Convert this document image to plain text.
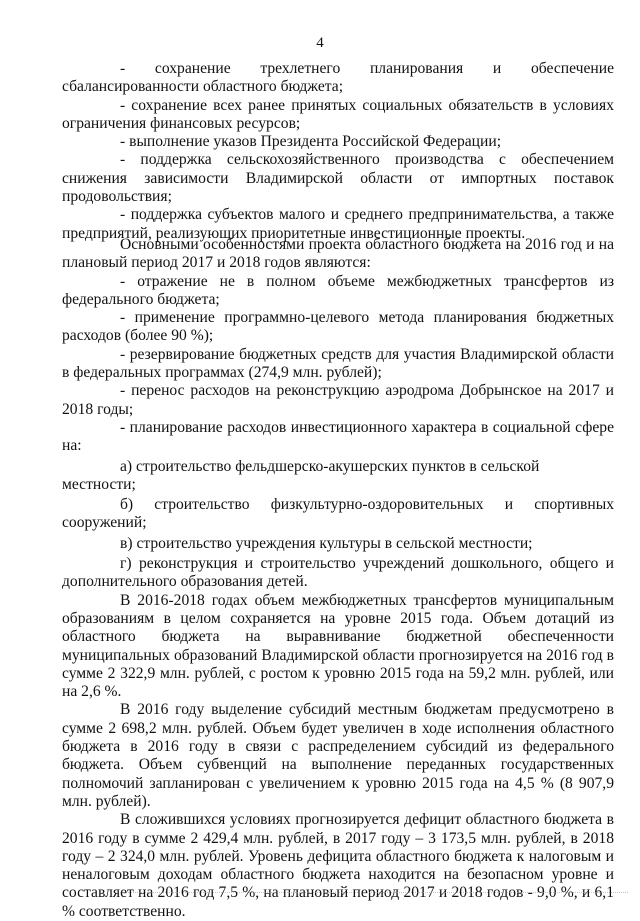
4

- сохранение трехлетнего планирования и обеспечение сбалансированности областного бюджета;

- сохранение всех ранее принятых социальных обязательств в условиях ограничения финансовых ресурсов;

- выполнение указов Президента Российской Федерации;

- поддержка сельскохозяйственного производства с обеспечением снижения зависимости Владимирской области от импортных поставок продовольствия;

- поддержка субъектов малого и среднего предпринимательства, а также предприятий, реализующих приоритетные инвестиционные проекты.

Основными особенностями проекта областного бюджета на 2016 год и на плановый период 2017 и 2018 годов являются:

- отражение не в полном объеме межбюджетных трансфертов из федерального бюджета;

- применение программно-целевого метода планирования бюджетных расходов (более 90 %);

- резервирование бюджетных средств для участия Владимирской области в федеральных программах (274,9 млн. рублей);

- перенос расходов на реконструкцию аэродрома Добрынское на 2017 и 2018 годы;

- планирование расходов инвестиционного характера в социальной сфере на:

а) строительство фельдшерско-акушерских пунктов в сельской местности;

б) строительство физкультурно-оздоровительных и спортивных сооружений;

в) строительство учреждения культуры в сельской местности;

г) реконструкция и строительство учреждений дошкольного, общего и дополнительного образования детей.

В 2016-2018 годах объем межбюджетных трансфертов муниципальным образованиям в целом сохраняется на уровне 2015 года. Объем дотаций из областного бюджета на выравнивание бюджетной обеспеченности муниципальных образований Владимирской области прогнозируется на 2016 год в сумме 2 322,9 млн. рублей, с ростом к уровню 2015 года на 59,2 млн. рублей, или на 2,6 %.

В 2016 году выделение субсидий местным бюджетам предусмотрено в сумме 2 698,2 млн. рублей. Объем будет увеличен в ходе исполнения областного бюджета в 2016 году в связи с распределением субсидий из федерального бюджета. Объем субвенций на выполнение переданных государственных полномочий запланирован с увеличением к уровню 2015 года на 4,5 % (8 907,9 млн. рублей).

В сложившихся условиях прогнозируется дефицит областного бюджета в 2016 году в сумме 2 429,4 млн. рублей, в 2017 году – 3 173,5 млн. рублей, в 2018 году – 2 324,0 млн. рублей. Уровень дефицита областного бюджета к налоговым и неналоговым доходам областного бюджета находится на безопасном уровне и составляет на 2016 год 7,5 %, на плановый период 2017 и 2018 годов - 9,0 %, и 6,1 % соответственно.
